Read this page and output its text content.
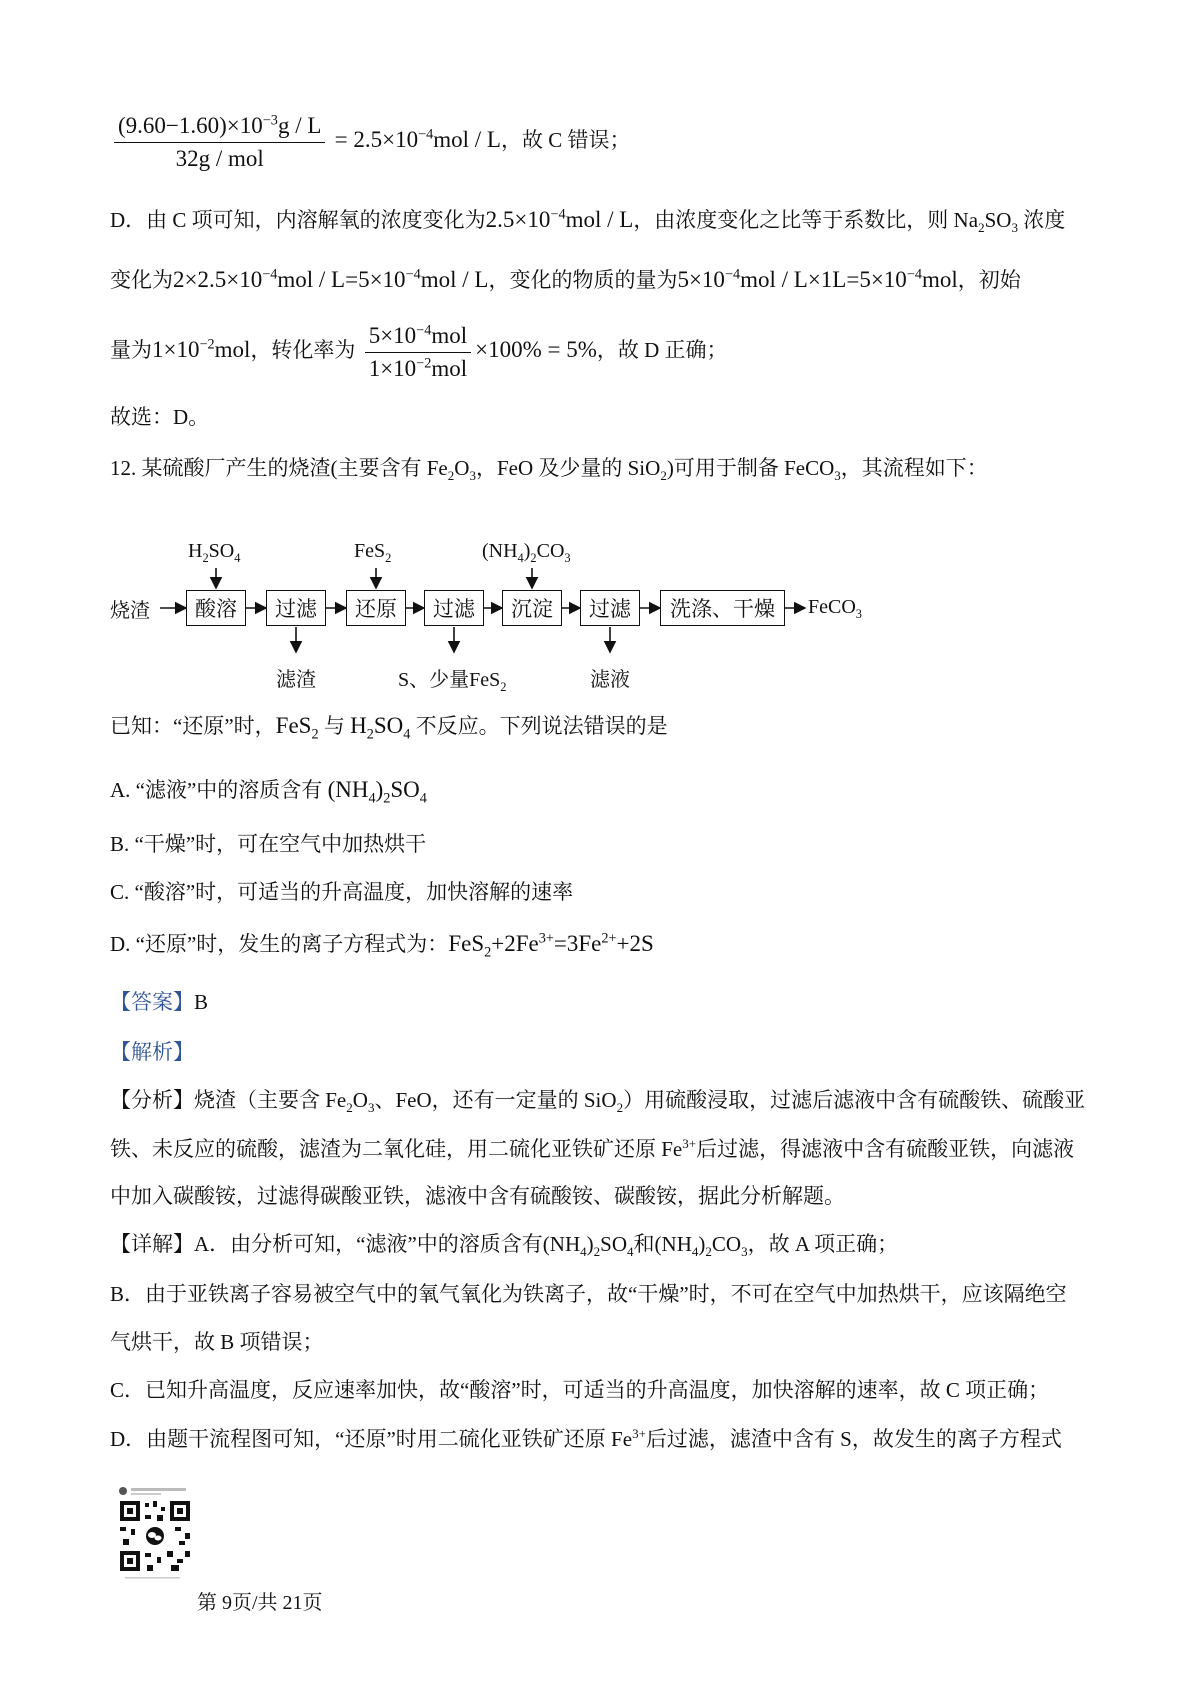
$\frac{(9.60-1.60)\times 10^{-3}g / L}{\text{32g / mol}} = 2.5\times 10^{-4}mol / L$，故 C 错误；
D．由 C 项可知，内溶解氧的浓度变化为$2.5\times 10^{-4}mol / L$，由浓度变化之比等于系数比，则 $Na_2SO_3$ 浓度
变化为$2\times 2.5\times 10^{-4}mol / L=5\times 10^{-4}mol / L$，变化的物质的量为$5\times 10^{-4}mol / L\times 1L=5\times 10^{-4}mol$，初始
量为$1\times 10^{-2}mol$，转化率为 $\frac{5\times 10^{-4}mol}{1\times 10^{-2}mol} \times 100\% = 5\%$，故 D 正确；
故选：D。
12. 某硫酸厂产生的烧渣(主要含有 $Fe_2O_3$，FeO 及少量的 SiO$_2$)可用于制备 FeCO$_3$，其流程如下：
烧渣	酸溶	过滤	还原	过滤	沉淀	过滤	洗涤、干燥	FeCO$_3$
$H_2SO_4$	FeS$_2$	$(NH_4)_2CO_3$
滤渣	S、少量FeS$_2$	滤液
已知：“还原”时，FeS$_2$ 与 $H_2SO_4$ 不反应。下列说法错误的是
A. “滤液”中的溶质含有 $(NH_4)_2SO_4$
B. “干燥”时，可在空气中加热烘干
C. “酸溶”时，可适当的升高温度，加快溶解的速率
D. “还原”时，发生的离子方程式为：$FeS_2+2Fe^{3+}=3Fe^{2+}+2S$
【答案】B
【解析】
【分析】烧渣（主要含 $Fe_2O_3$、FeO，还有一定量的 SiO$_2$）用硫酸浸取，过滤后滤液中含有硫酸铁、硫酸亚
铁、未反应的硫酸，滤渣为二氧化硅，用二硫化亚铁矿还原 $Fe^{3+}$后过滤，得滤液中含有硫酸亚铁，向滤液
中加入碳酸铵，过滤得碳酸亚铁，滤液中含有硫酸铵、碳酸铵，据此分析解题。
【详解】A．由分析可知，“滤液”中的溶质含有$(NH_4)_2SO_4$和$(NH_4)_2CO_3$，故 A 项正确；
B．由于亚铁离子容易被空气中的氧气氧化为铁离子，故“干燥”时，不可在空气中加热烘干，应该隔绝空
气烘干，故 B 项错误；
C．已知升高温度，反应速率加快，故“酸溶”时，可适当的升高温度，加快溶解的速率，故 C 项正确；
D．由题干流程图可知，“还原”时用二硫化亚铁矿还原 $Fe^{3+}$后过滤，滤渣中含有 S，故发生的离子方程式
第 9页/共 21页
